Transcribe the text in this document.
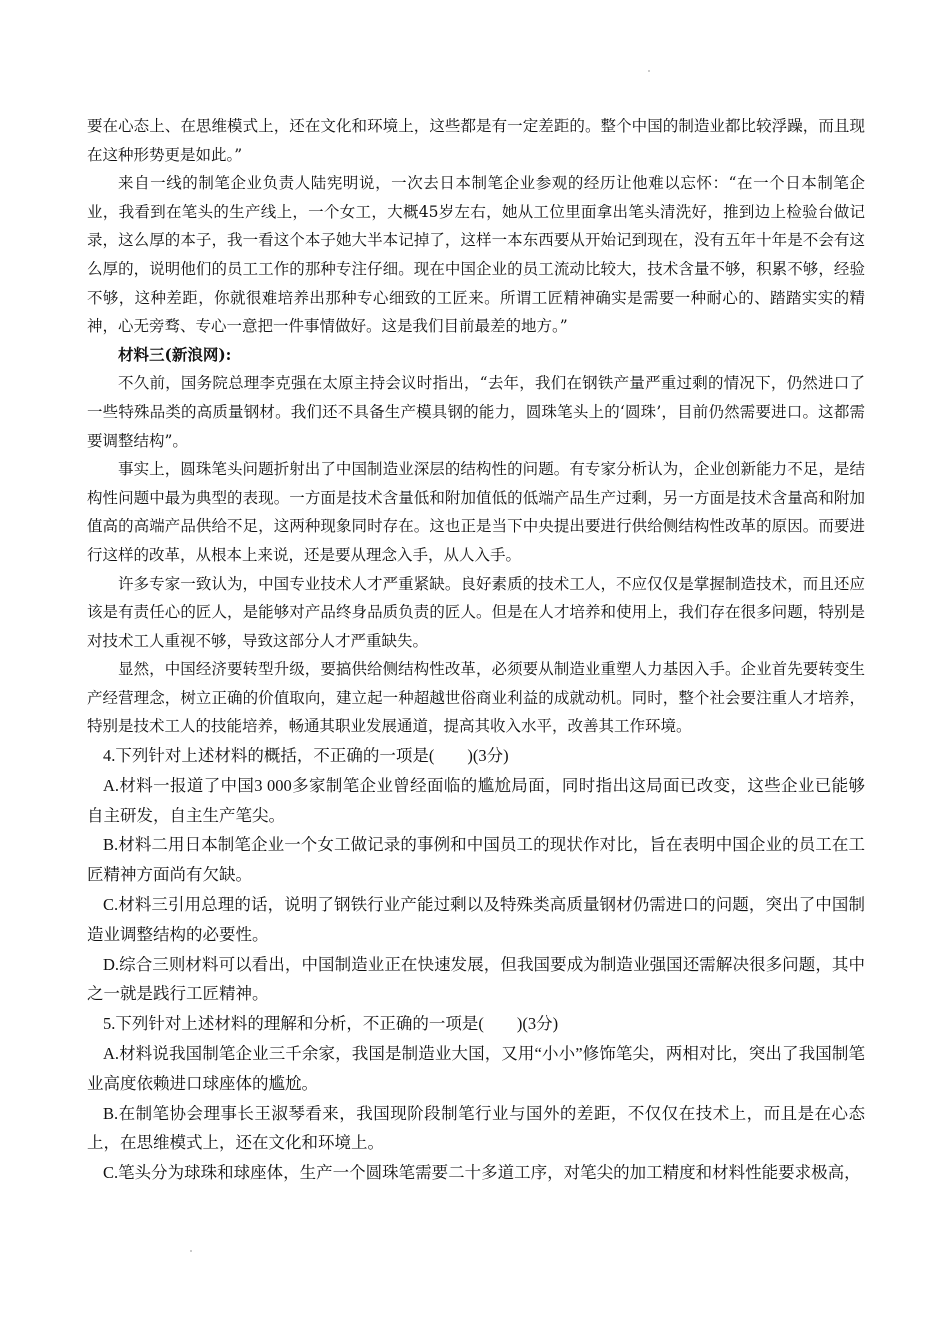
要在心态上、在思维模式上，还在文化和环境上，这些都是有一定差距的。整个中国的制造业都比较浮躁，而且现在这种形势更是如此。”

来自一线的制笔企业负责人陆宪明说，一次去日本制笔企业参观的经历让他难以忘怀：“在一个日本制笔企业，我看到在笔头的生产线上，一个女工，大概45岁左右，她从工位里面拿出笔头清洗好，推到边上检验台做记录，这么厚的本子，我一看这个本子她大半本记掉了，这样一本东西要从开始记到现在，没有五年十年是不会有这么厚的，说明他们的员工工作的那种专注仔细。现在中国企业的员工流动比较大，技术含量不够，积累不够，经验不够，这种差距，你就很难培养出那种专心细致的工匠来。所谓工匠精神确实是需要一种耐心的、踏踏实实的精神，心无旁骛、专心一意把一件事情做好。这是我们目前最差的地方。”

材料三(新浪网):

不久前，国务院总理李克强在太原主持会议时指出，“去年，我们在钢铁产量严重过剩的情况下，仍然进口了一些特殊品类的高质量钢材。我们还不具备生产模具钢的能力，圆珠笔头上的‘圆珠’，目前仍然需要进口。这都需要调整结构”。

事实上，圆珠笔头问题折射出了中国制造业深层的结构性的问题。有专家分析认为，企业创新能力不足，是结构性问题中最为典型的表现。一方面是技术含量低和附加值低的低端产品生产过剩，另一方面是技术含量高和附加值高的高端产品供给不足，这两种现象同时存在。这也正是当下中央提出要进行供给侧结构性改革的原因。而要进行这样的改革，从根本上来说，还是要从理念入手，从人入手。

许多专家一致认为，中国专业技术人才严重紧缺。良好素质的技术工人，不应仅仅是掌握制造技术，而且还应该是有责任心的匠人，是能够对产品终身品质负责的匠人。但是在人才培养和使用上，我们存在很多问题，特别是对技术工人重视不够，导致这部分人才严重缺失。

显然，中国经济要转型升级，要搞供给侧结构性改革，必须要从制造业重塑人力基因入手。企业首先要转变生产经营理念，树立正确的价值取向，建立起一种超越世俗商业利益的成就动机。同时，整个社会要注重人才培养，特别是技术工人的技能培养，畅通其职业发展通道，提高其收入水平，改善其工作环境。

4.下列针对上述材料的概括，不正确的一项是(　　)(3分)

A.材料一报道了中国3 000多家制笔企业曾经面临的尴尬局面，同时指出这局面已改变，这些企业已能够自主研发，自主生产笔尖。

B.材料二用日本制笔企业一个女工做记录的事例和中国员工的现状作对比，旨在表明中国企业的员工在工匠精神方面尚有欠缺。

C.材料三引用总理的话，说明了钢铁行业产能过剩以及特殊类高质量钢材仍需进口的问题，突出了中国制造业调整结构的必要性。

D.综合三则材料可以看出，中国制造业正在快速发展，但我国要成为制造业强国还需解决很多问题，其中之一就是践行工匠精神。

5.下列针对上述材料的理解和分析，不正确的一项是(　　)(3分)

A.材料说我国制笔企业三千余家，我国是制造业大国，又用“小小”修饰笔尖，两相对比，突出了我国制笔业高度依赖进口球座体的尴尬。

B.在制笔协会理事长王淑琴看来，我国现阶段制笔行业与国外的差距，不仅仅在技术上，而且是在心态上，在思维模式上，还在文化和环境上。

C.笔头分为球珠和球座体，生产一个圆珠笔需要二十多道工序，对笔尖的加工精度和材料性能要求极高，
